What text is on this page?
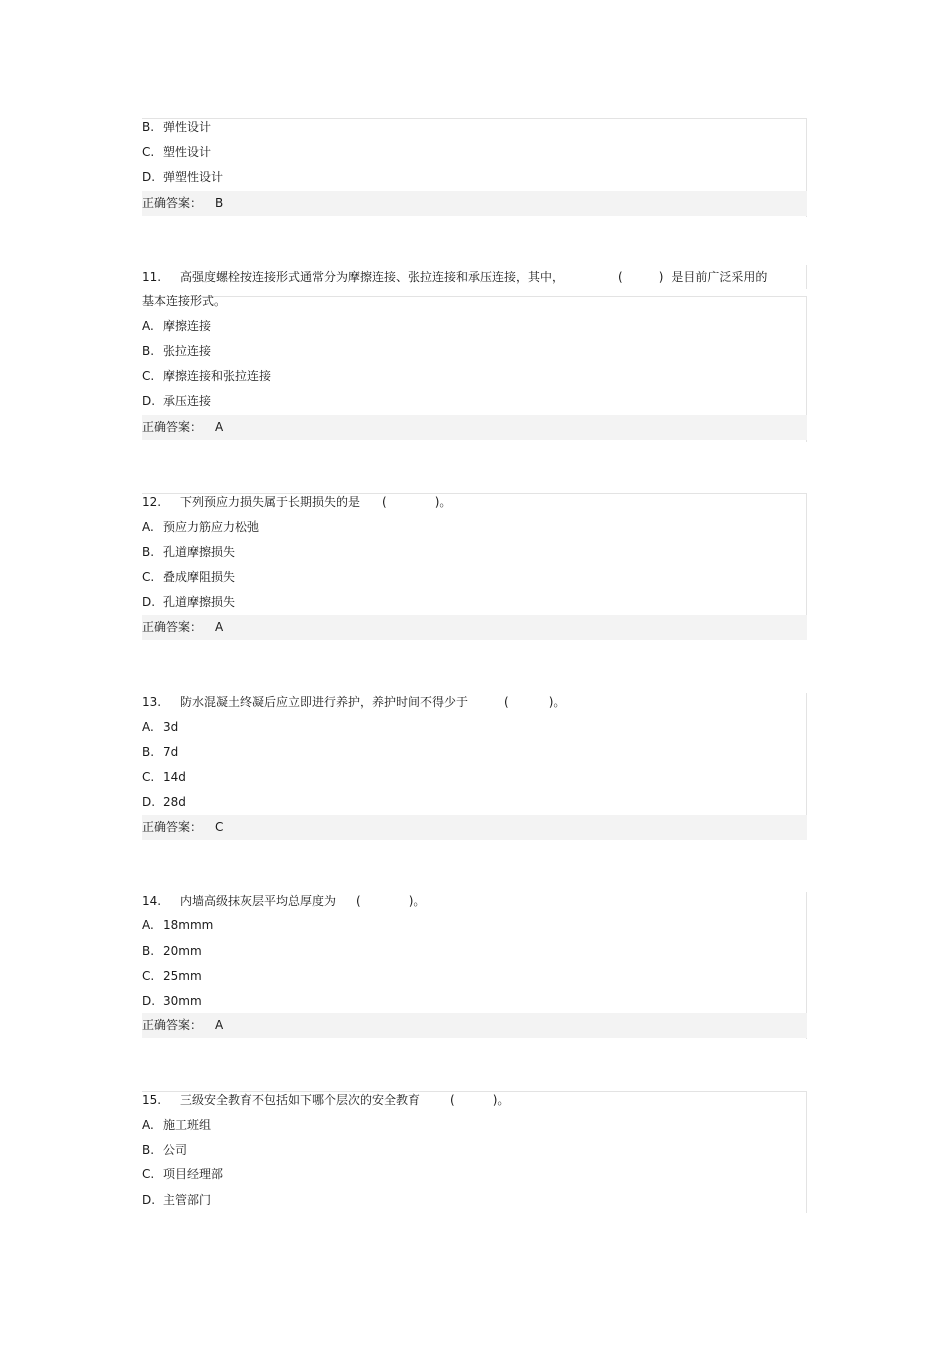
B. 弹性设计
C. 塑性设计
D. 弹塑性设计
正确答案： B
11. 高强度螺栓按连接形式通常分为摩擦连接、张拉连接和承压连接，其中，	(	) 是目前广泛采用的
基本连接形式。
A. 摩擦连接
B. 张拉连接
C. 摩擦连接和张拉连接
D. 承压连接
正确答案： A
12. 下列预应力损失属于长期损失的是 (	)。
A. 预应力筋应力松弛
B. 孔道摩擦损失
C. 叠成摩阻损失
D. 孔道摩擦损失
正确答案： A
13. 防水混凝土终凝后应立即进行养护，养护时间不得少于	(	)。
A. 3d
B. 7d
C. 14d
D. 28d
正确答案： C
14. 内墙高级抹灰层平均总厚度为 (	)。
A. 18mmm
B. 20mm
C. 25mm
D. 30mm
正确答案： A
15. 三级安全教育不包括如下哪个层次的安全教育	(	)。
A. 施工班组
B. 公司
C. 项目经理部
D. 主管部门
